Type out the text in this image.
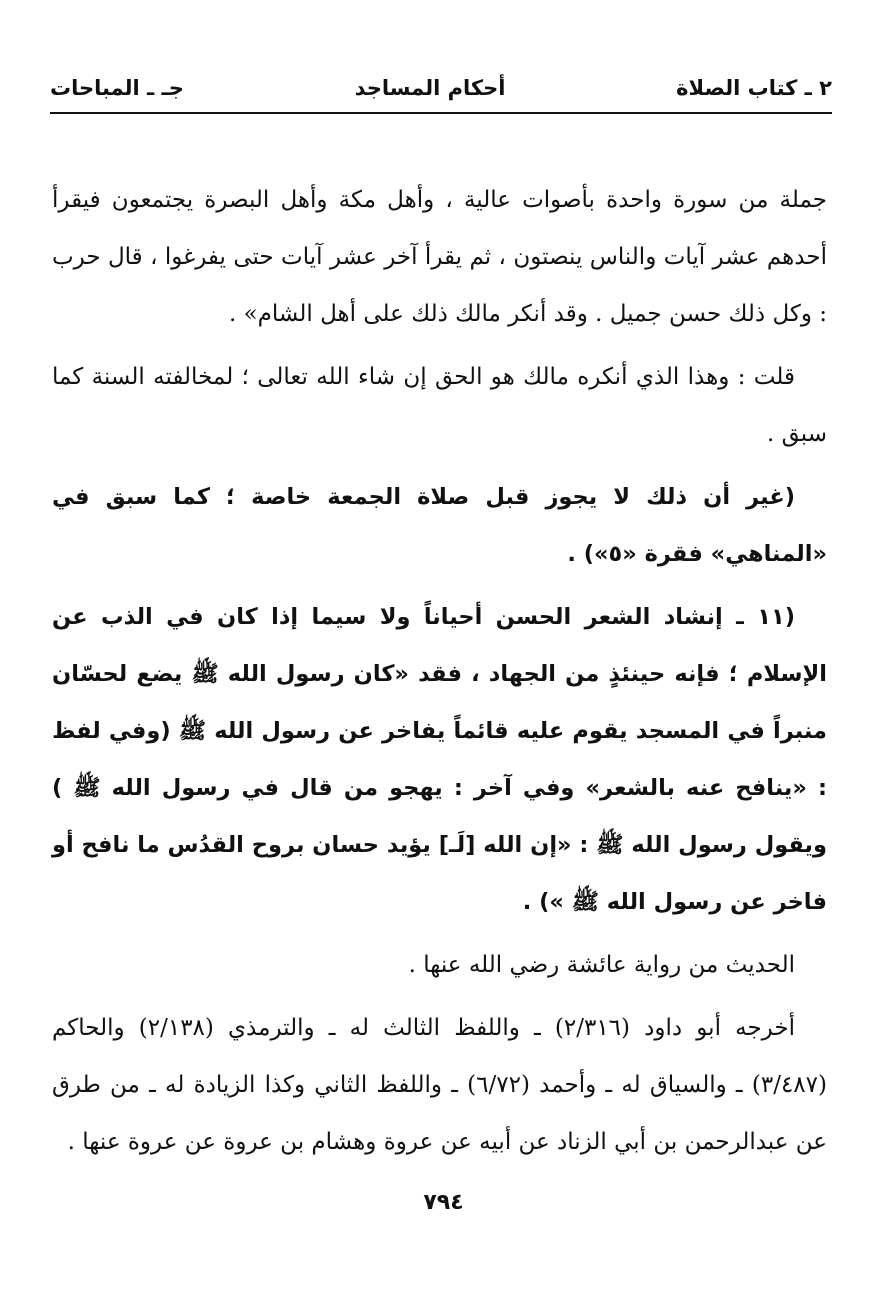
٢ ـ كتاب الصلاة
أحكام المساجد
جـ ـ المباحات

جملة من سورة واحدة بأصوات عالية ، وأهل مكة وأهل البصرة يجتمعون فيقرأ أحدهم عشر آيات والناس ينصتون ، ثم يقرأ آخر عشر آيات حتى يفرغوا ، قال حرب : وكل ذلك حسن جميل . وقد أنكر مالك ذلك على أهل الشام» .

قلت : وهذا الذي أنكره مالك هو الحق إن شاء الله تعالى ؛ لمخالفته السنة كما سبق .

(غير أن ذلك لا يجوز قبل صلاة الجمعة خاصة ؛ كما سبق في «المناهي» فقرة «٥») .

(١١ ـ إنشاد الشعر الحسن أحياناً ولا سيما إذا كان في الذب عن الإسلام ؛ فإنه حينئذٍ من الجهاد ، فقد «كان رسول الله ﷺ يضع لحسّان منبراً في المسجد يقوم عليه قائماً يفاخر عن رسول الله ﷺ (وفي لفظ : «ينافح عنه بالشعر» وفي آخر : يهجو من قال في رسول الله ﷺ ) ويقول رسول الله ﷺ : «إن الله [لَـ] يؤيد حسان بروح القدُس ما نافح أو فاخر عن رسول الله ﷺ ») .

الحديث من رواية عائشة رضي الله عنها .

أخرجه أبو داود (٢/٣١٦) ـ واللفظ الثالث له ـ والترمذي (٢/١٣٨) والحاكم (٣/٤٨٧) ـ والسياق له ـ وأحمد (٦/٧٢) ـ واللفظ الثاني وكذا الزيادة له ـ من طرق عن عبدالرحمن بن أبي الزناد عن أبيه عن عروة وهشام بن عروة عن عروة عنها .

٧٩٤
